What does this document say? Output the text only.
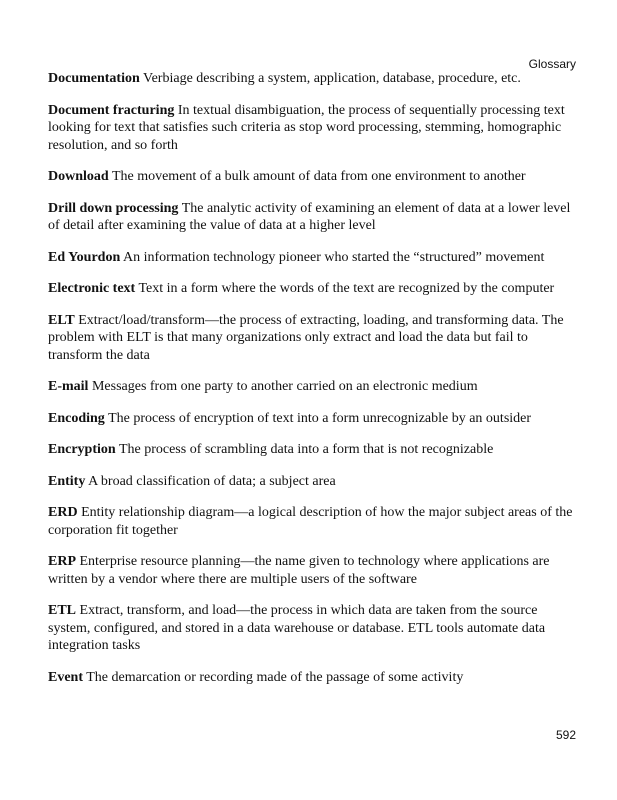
Glossary

Documentation Verbiage describing a system, application, database, procedure, etc.

Document fracturing In textual disambiguation, the process of sequentially processing text looking for text that satisfies such criteria as stop word processing, stemming, homographic resolution, and so forth

Download The movement of a bulk amount of data from one environment to another

Drill down processing The analytic activity of examining an element of data at a lower level of detail after examining the value of data at a higher level

Ed Yourdon An information technology pioneer who started the “structured” movement

Electronic text Text in a form where the words of the text are recognized by the computer

ELT Extract/load/transform—the process of extracting, loading, and transforming data. The problem with ELT is that many organizations only extract and load the data but fail to transform the data

E-mail Messages from one party to another carried on an electronic medium

Encoding The process of encryption of text into a form unrecognizable by an outsider

Encryption The process of scrambling data into a form that is not recognizable

Entity A broad classification of data; a subject area

ERD Entity relationship diagram—a logical description of how the major subject areas of the corporation fit together

ERP Enterprise resource planning—the name given to technology where applications are written by a vendor where there are multiple users of the software

ETL Extract, transform, and load—the process in which data are taken from the source system, configured, and stored in a data warehouse or database. ETL tools automate data integration tasks

Event The demarcation or recording made of the passage of some activity

592
